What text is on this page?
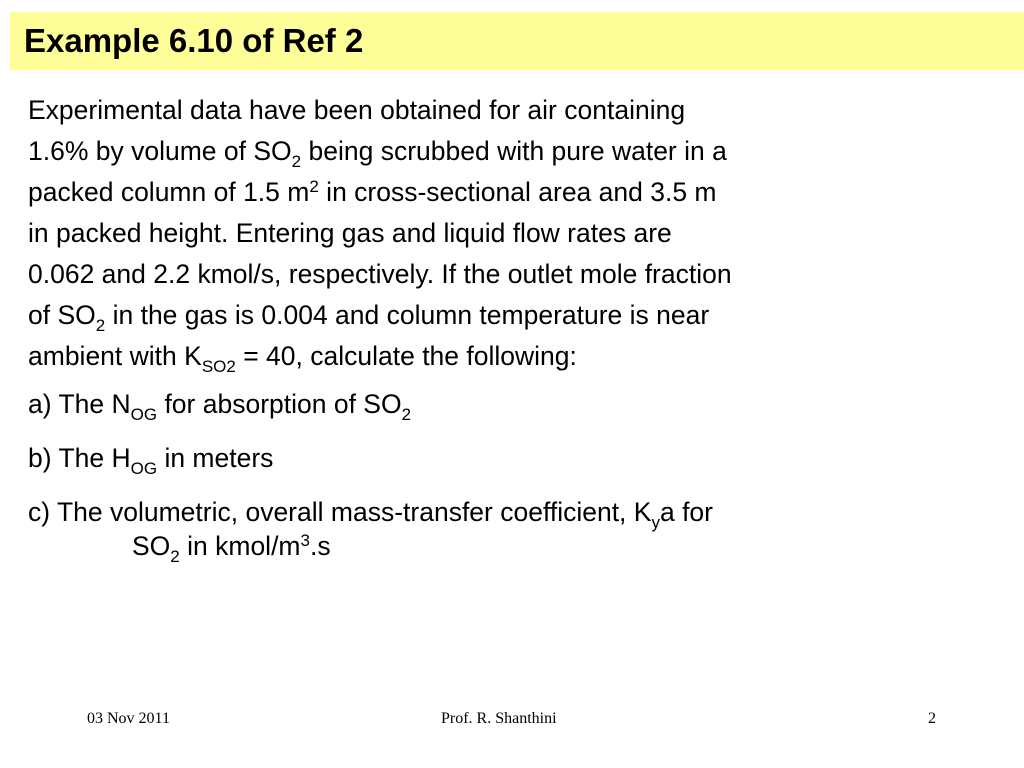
Example 6.10 of Ref 2

Experimental data have been obtained for air containing
1.6% by volume of $SO_2$ being scrubbed with pure water in a
packed column of 1.5 $m^2$ in cross-sectional area and 3.5 m
in packed height. Entering gas and liquid flow rates are
0.062 and 2.2 kmol/s, respectively. If the outlet mole fraction
of $SO_2$ in the gas is 0.004 and column temperature is near
ambient with $K_{SO2} = 40$, calculate the following:

a) The $N_{OG}$ for absorption of $SO_2$

b) The $H_{OG}$ in meters

c) The volumetric, overall mass-transfer coefficient, $K_ya$ for
$SO_2$ in kmol/$m^3.s$

03 Nov 2011	Prof. R. Shanthini	2
